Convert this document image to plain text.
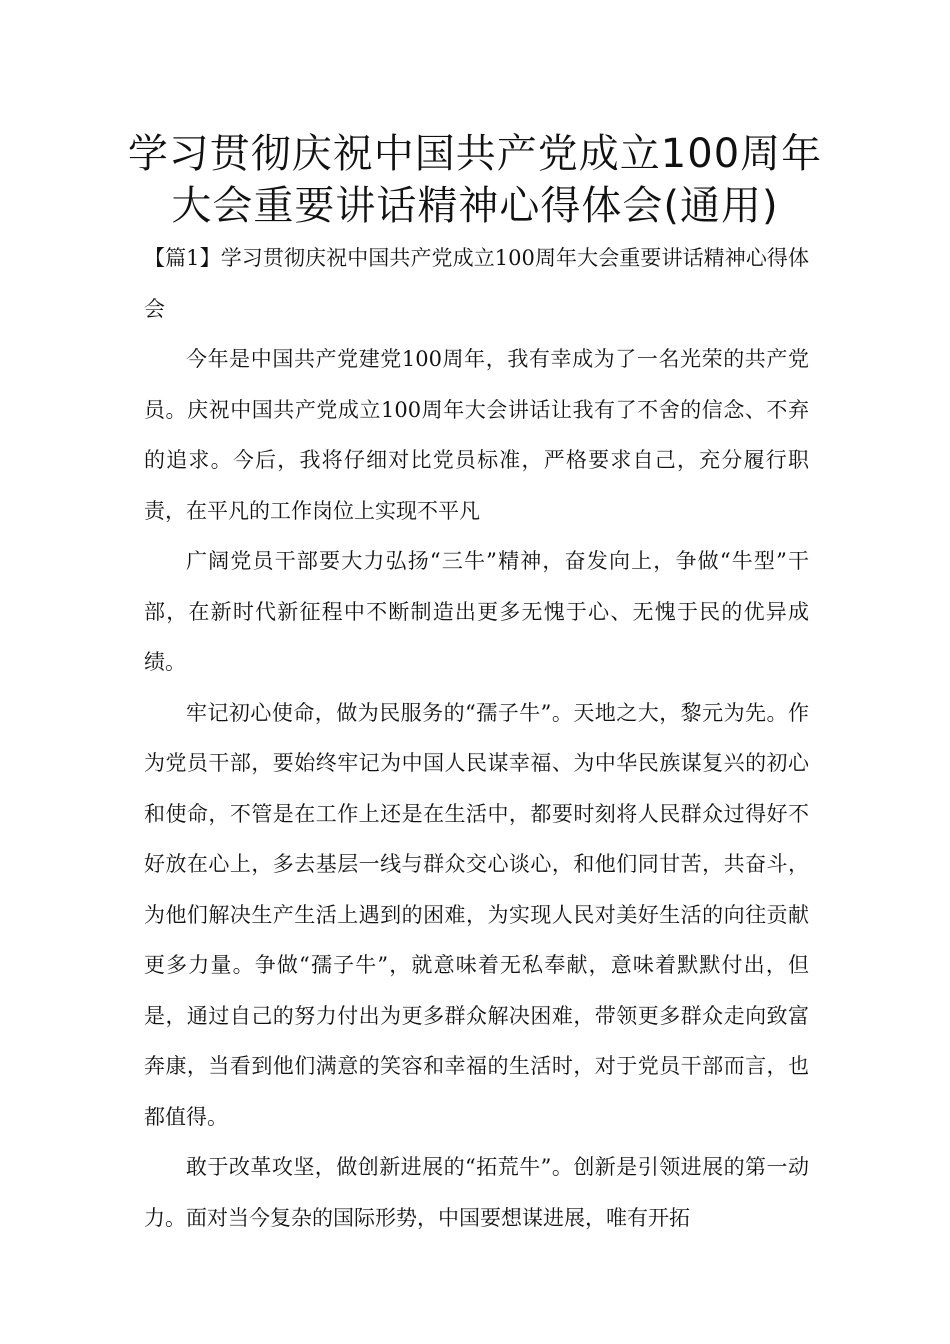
学习贯彻庆祝中国共产党成立100周年
大会重要讲话精神心得体会(通用)

【篇1】学习贯彻庆祝中国共产党成立100周年大会重要讲话精神心得体会

今年是中国共产党建党100周年，我有幸成为了一名光荣的共产党员。庆祝中国共产党成立100周年大会讲话让我有了不舍的信念、不弃的追求。今后，我将仔细对比党员标准，严格要求自己，充分履行职责，在平凡的工作岗位上实现不平凡

广阔党员干部要大力弘扬“三牛”精神，奋发向上，争做“牛型”干部，在新时代新征程中不断制造出更多无愧于心、无愧于民的优异成绩。

牢记初心使命，做为民服务的“孺子牛”。天地之大，黎元为先。作为党员干部，要始终牢记为中国人民谋幸福、为中华民族谋复兴的初心和使命，不管是在工作上还是在生活中，都要时刻将人民群众过得好不好放在心上，多去基层一线与群众交心谈心，和他们同甘苦，共奋斗，为他们解决生产生活上遇到的困难，为实现人民对美好生活的向往贡献更多力量。争做“孺子牛”，就意味着无私奉献，意味着默默付出，但是，通过自己的努力付出为更多群众解决困难，带领更多群众走向致富奔康，当看到他们满意的笑容和幸福的生活时，对于党员干部而言，也都值得。

敢于改革攻坚，做创新进展的“拓荒牛”。创新是引领进展的第一动力。面对当今复杂的国际形势，中国要想谋进展，唯有开拓
